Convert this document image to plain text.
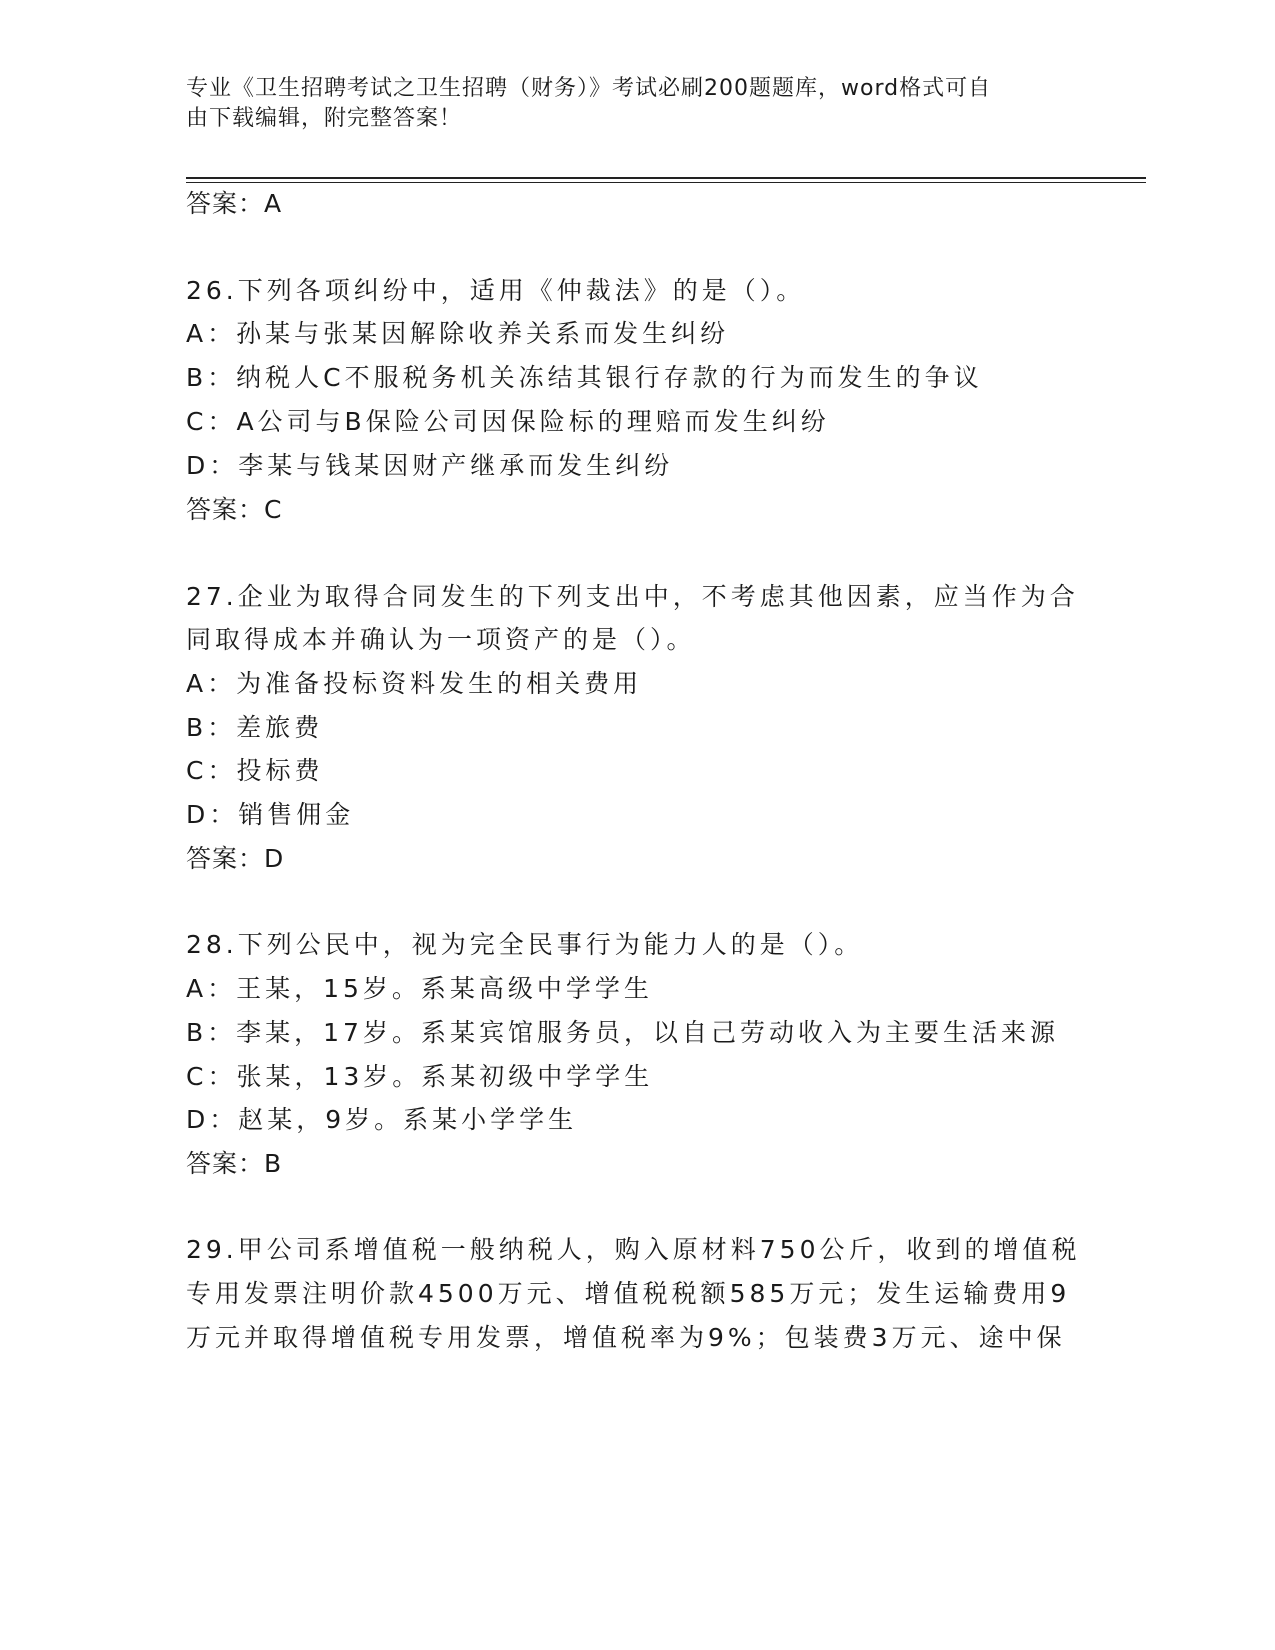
专业《卫生招聘考试之卫生招聘（财务）》考试必刷200题题库，word格式可自
由下载编辑，附完整答案！
答案：A
26.下列各项纠纷中，适用《仲裁法》的是（）。
A：孙某与张某因解除收养关系而发生纠纷
B：纳税人C不服税务机关冻结其银行存款的行为而发生的争议
C：A公司与B保险公司因保险标的理赔而发生纠纷
D：李某与钱某因财产继承而发生纠纷
答案：C
27.企业为取得合同发生的下列支出中，不考虑其他因素，应当作为合
同取得成本并确认为一项资产的是（）。
A：为准备投标资料发生的相关费用
B：差旅费
C：投标费
D：销售佣金
答案：D
28.下列公民中，视为完全民事行为能力人的是（）。
A：王某，15岁。系某高级中学学生
B：李某，17岁。系某宾馆服务员，以自己劳动收入为主要生活来源
C：张某，13岁。系某初级中学学生
D：赵某，9岁。系某小学学生
答案：B
29.甲公司系增值税一般纳税人，购入原材料750公斤，收到的增值税
专用发票注明价款4500万元、增值税税额585万元；发生运输费用9
万元并取得增值税专用发票，增值税率为9%；包装费3万元、途中保
